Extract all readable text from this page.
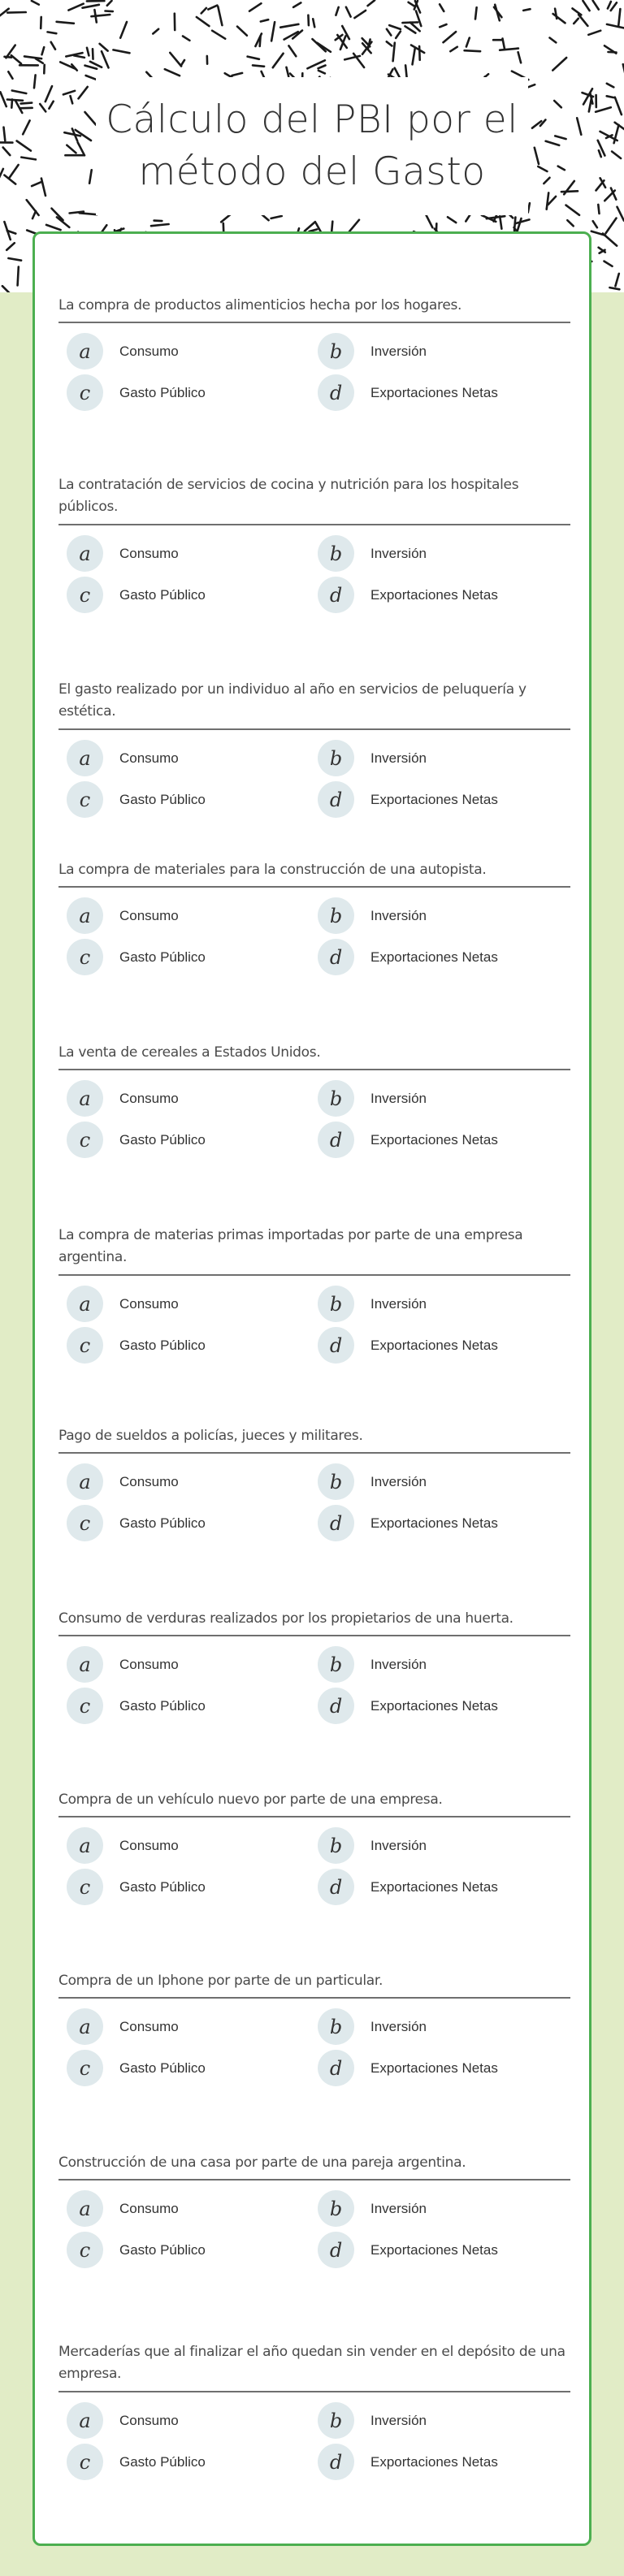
Cálculo del PBI por el
método del Gasto
La compra de productos alimenticios hecha por los hogares.
a	Consumo	b	Inversión
c	Gasto Público	d	Exportaciones Netas
La contratación de servicios de cocina y nutrición para los hospitales públicos.
a	Consumo	b	Inversión
c	Gasto Público	d	Exportaciones Netas
El gasto realizado por un individuo al año en servicios de peluquería y estética.
a	Consumo	b	Inversión
c	Gasto Público	d	Exportaciones Netas
La compra de materiales para la construcción de una autopista.
a	Consumo	b	Inversión
c	Gasto Público	d	Exportaciones Netas
La venta de cereales a Estados Unidos.
a	Consumo	b	Inversión
c	Gasto Público	d	Exportaciones Netas
La compra de materias primas importadas por parte de una empresa argentina.
a	Consumo	b	Inversión
c	Gasto Público	d	Exportaciones Netas
Pago de sueldos a policías, jueces y militares.
a	Consumo	b	Inversión
c	Gasto Público	d	Exportaciones Netas
Consumo de verduras realizados por los propietarios de una huerta.
a	Consumo	b	Inversión
c	Gasto Público	d	Exportaciones Netas
Compra de un vehículo nuevo por parte de una empresa.
a	Consumo	b	Inversión
c	Gasto Público	d	Exportaciones Netas
Compra de un Iphone por parte de un particular.
a	Consumo	b	Inversión
c	Gasto Público	d	Exportaciones Netas
Construcción de una casa por parte de una pareja argentina.
a	Consumo	b	Inversión
c	Gasto Público	d	Exportaciones Netas
Mercaderías que al finalizar el año quedan sin vender en el depósito de una empresa.
a	Consumo	b	Inversión
c	Gasto Público	d	Exportaciones Netas
